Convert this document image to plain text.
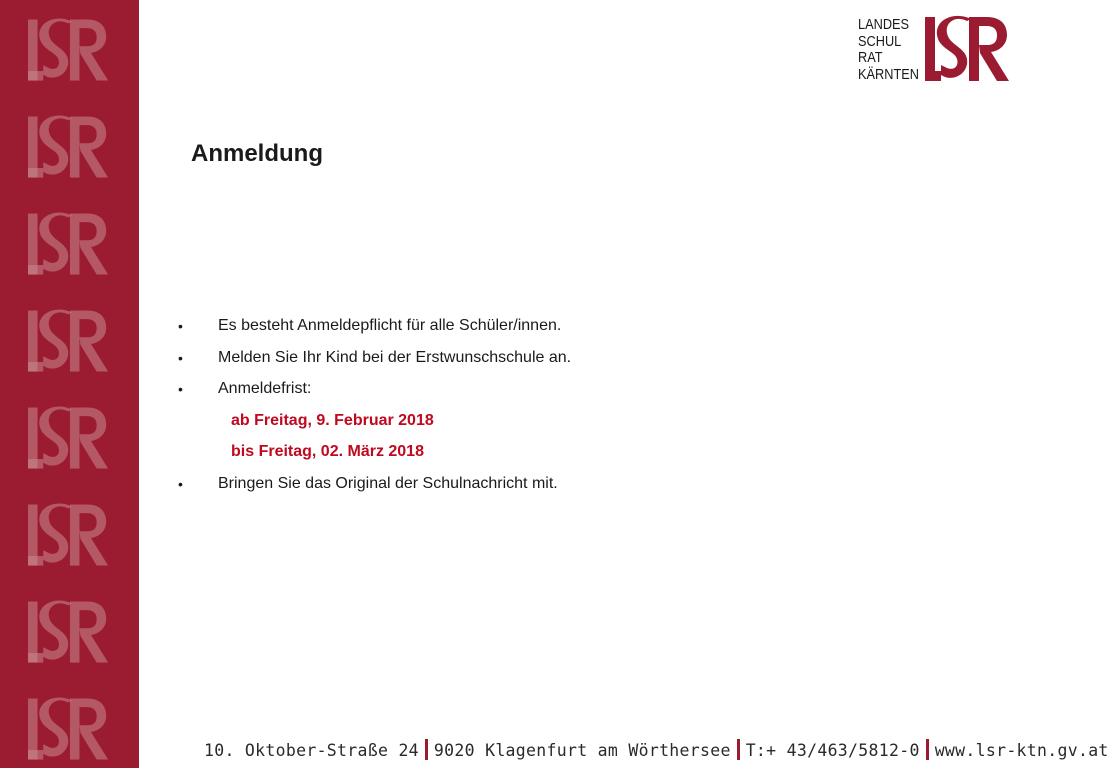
LANDES
SCHUL
RAT
KÄRNTEN
Anmeldung
• Es besteht Anmeldepflicht für alle Schüler/innen.
• Melden Sie Ihr Kind bei der Erstwunschschule an.
• Anmeldefrist:
ab Freitag, 9. Februar 2018
bis Freitag, 02. März 2018
• Bringen Sie das Original der Schulnachricht mit.
10. Oktober-Straße 24 9020 Klagenfurt am Wörthersee T:+ 43/463/5812-0 www.lsr-ktn.gv.at
